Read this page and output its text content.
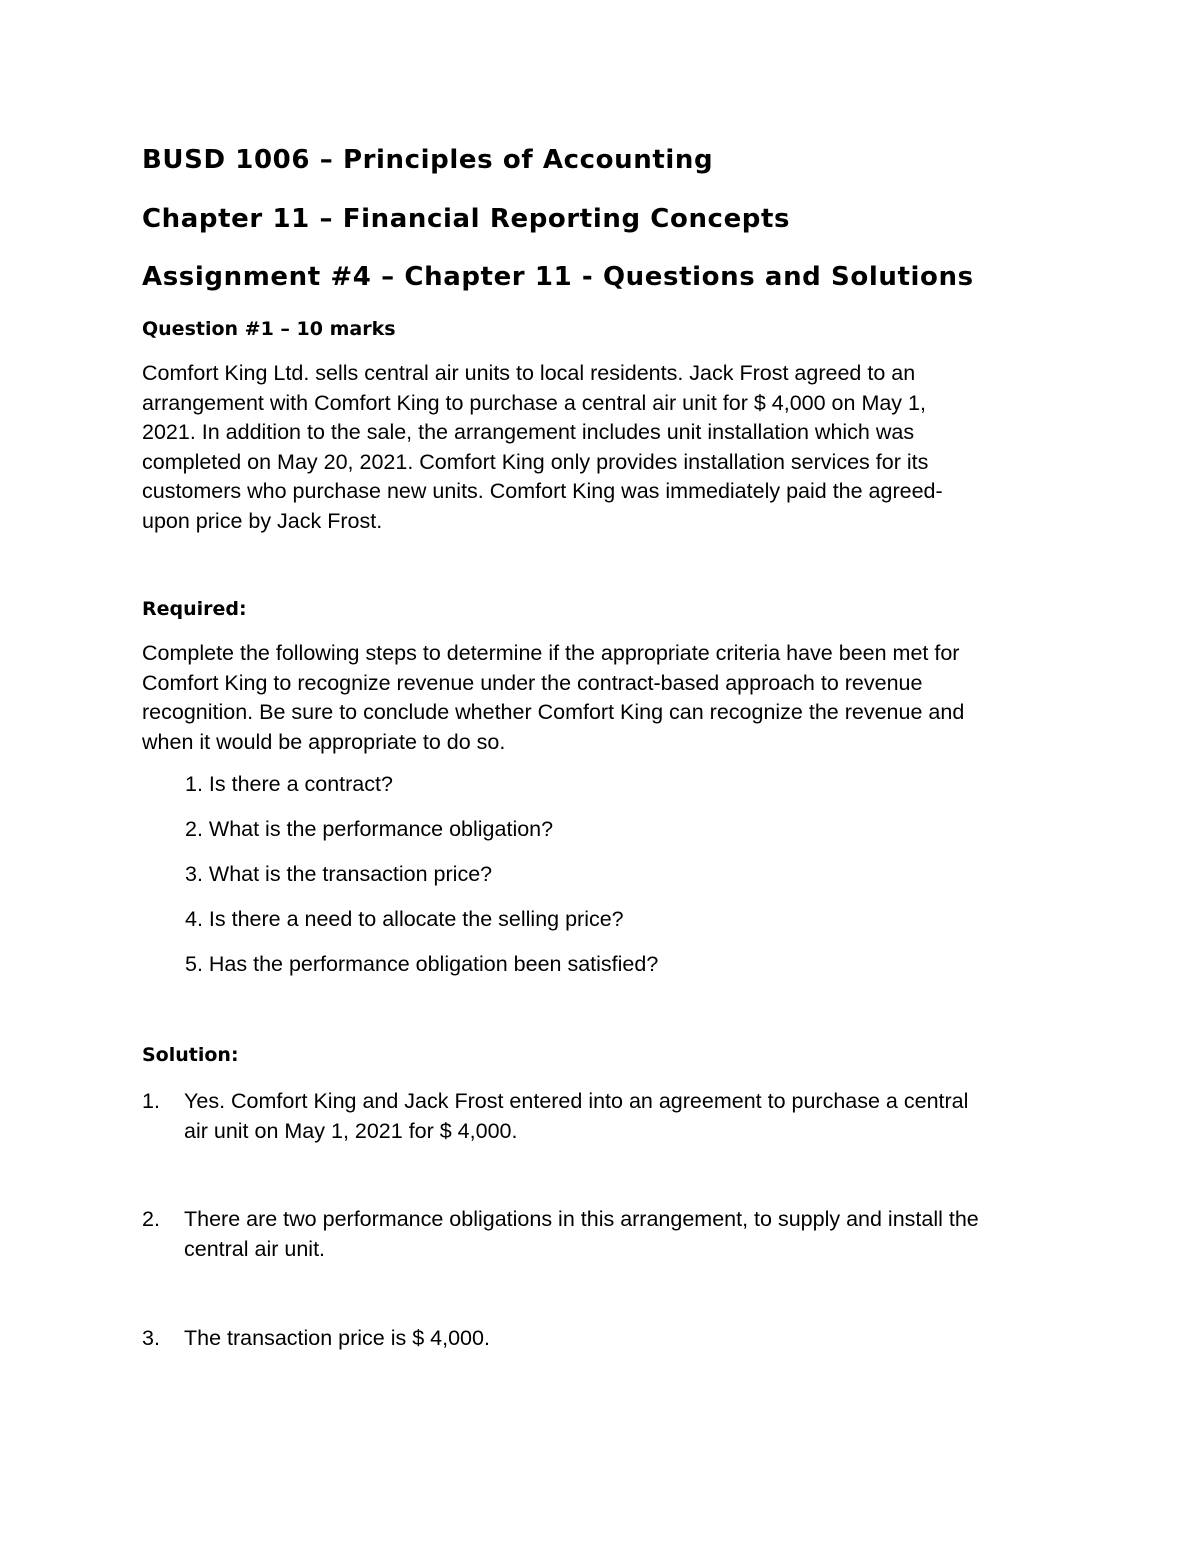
BUSD 1006 – Principles of Accounting
Chapter 11 – Financial Reporting Concepts
Assignment #4 – Chapter 11 - Questions and Solutions
Question #1 – 10 marks

Comfort King Ltd. sells central air units to local residents. Jack Frost agreed to an
arrangement with Comfort King to purchase a central air unit for $ 4,000 on May 1,
2021. In addition to the sale, the arrangement includes unit installation which was
completed on May 20, 2021. Comfort King only provides installation services for its
customers who purchase new units. Comfort King was immediately paid the agreed-
upon price by Jack Frost.

Required:

Complete the following steps to determine if the appropriate criteria have been met for
Comfort King to recognize revenue under the contract-based approach to revenue
recognition. Be sure to conclude whether Comfort King can recognize the revenue and
when it would be appropriate to do so.

1. Is there a contract?
2. What is the performance obligation?
3. What is the transaction price?
4. Is there a need to allocate the selling price?
5. Has the performance obligation been satisfied?
Solution:
1. Yes. Comfort King and Jack Frost entered into an agreement to purchase a central
air unit on May 1, 2021 for $ 4,000.
2. There are two performance obligations in this arrangement, to supply and install the
central air unit.
3. The transaction price is $ 4,000.
